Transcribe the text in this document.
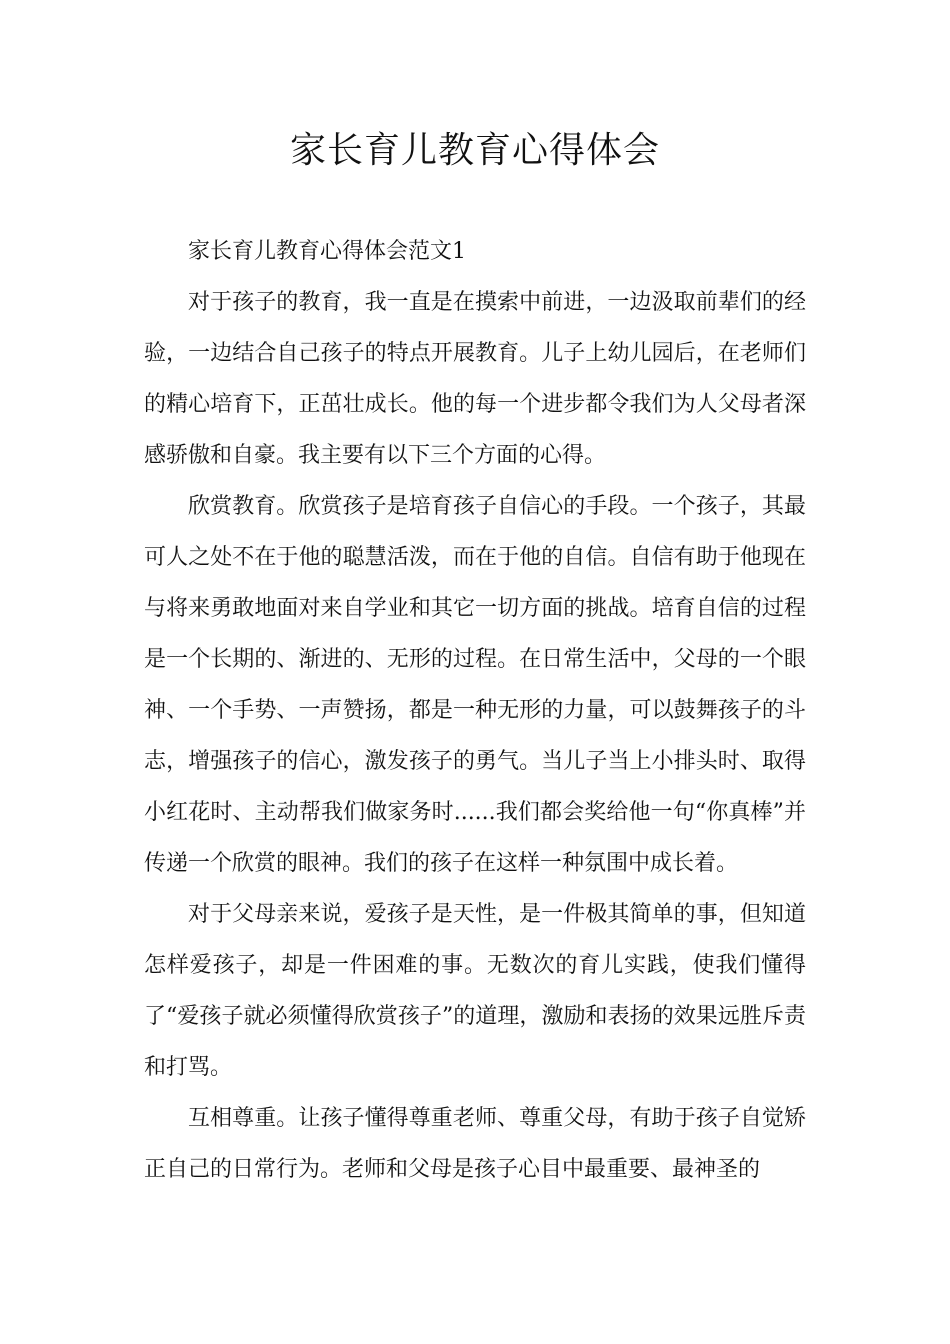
家长育儿教育心得体会

家长育儿教育心得体会范文1

对于孩子的教育，我一直是在摸索中前进，一边汲取前辈们的经验，一边结合自己孩子的特点开展教育。儿子上幼儿园后，在老师们的精心培育下，正茁壮成长。他的每一个进步都令我们为人父母者深感骄傲和自豪。我主要有以下三个方面的心得。

欣赏教育。欣赏孩子是培育孩子自信心的手段。一个孩子，其最可人之处不在于他的聪慧活泼，而在于他的自信。自信有助于他现在与将来勇敢地面对来自学业和其它一切方面的挑战。培育自信的过程是一个长期的、渐进的、无形的过程。在日常生活中，父母的一个眼神、一个手势、一声赞扬，都是一种无形的力量，可以鼓舞孩子的斗志，增强孩子的信心，激发孩子的勇气。当儿子当上小排头时、取得小红花时、主动帮我们做家务时......我们都会奖给他一句“你真棒”并传递一个欣赏的眼神。我们的孩子在这样一种氛围中成长着。

对于父母亲来说，爱孩子是天性，是一件极其简单的事，但知道怎样爱孩子，却是一件困难的事。无数次的育儿实践，使我们懂得了“爱孩子就必须懂得欣赏孩子”的道理，激励和表扬的效果远胜斥责和打骂。

互相尊重。让孩子懂得尊重老师、尊重父母，有助于孩子自觉矫正自己的日常行为。老师和父母是孩子心目中最重要、最神圣的
